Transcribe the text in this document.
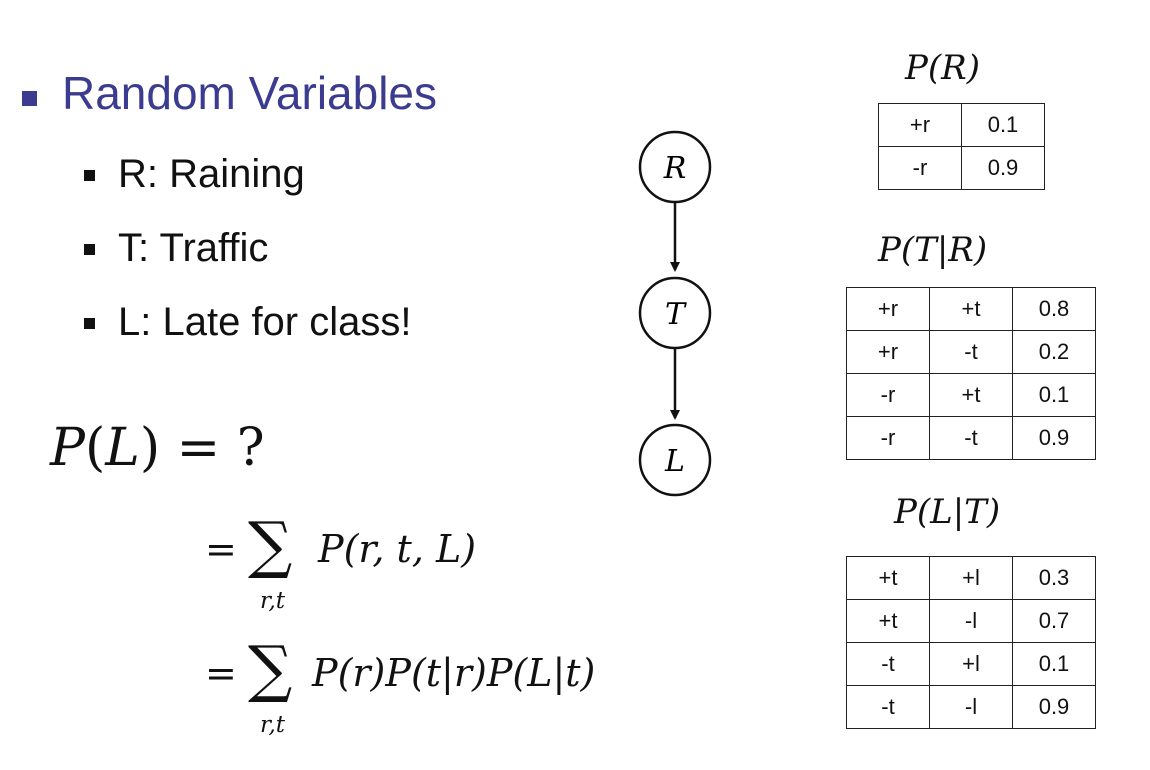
Random Variables
R: Raining
T: Traffic
L: Late for class!
P(L) = ?
= ∑
r,t
P(r, t, L)
= ∑
r,t
P(r)P(t|r)P(L|t)
R
T
L
P(R)
+r	0.1
-r	0.9
P(T|R)
+r	+t	0.8
+r	-t	0.2
-r	+t	0.1
-r	-t	0.9
P(L|T)
+t	+l	0.3
+t	-l	0.7
-t	+l	0.1
-t	-l	0.9
